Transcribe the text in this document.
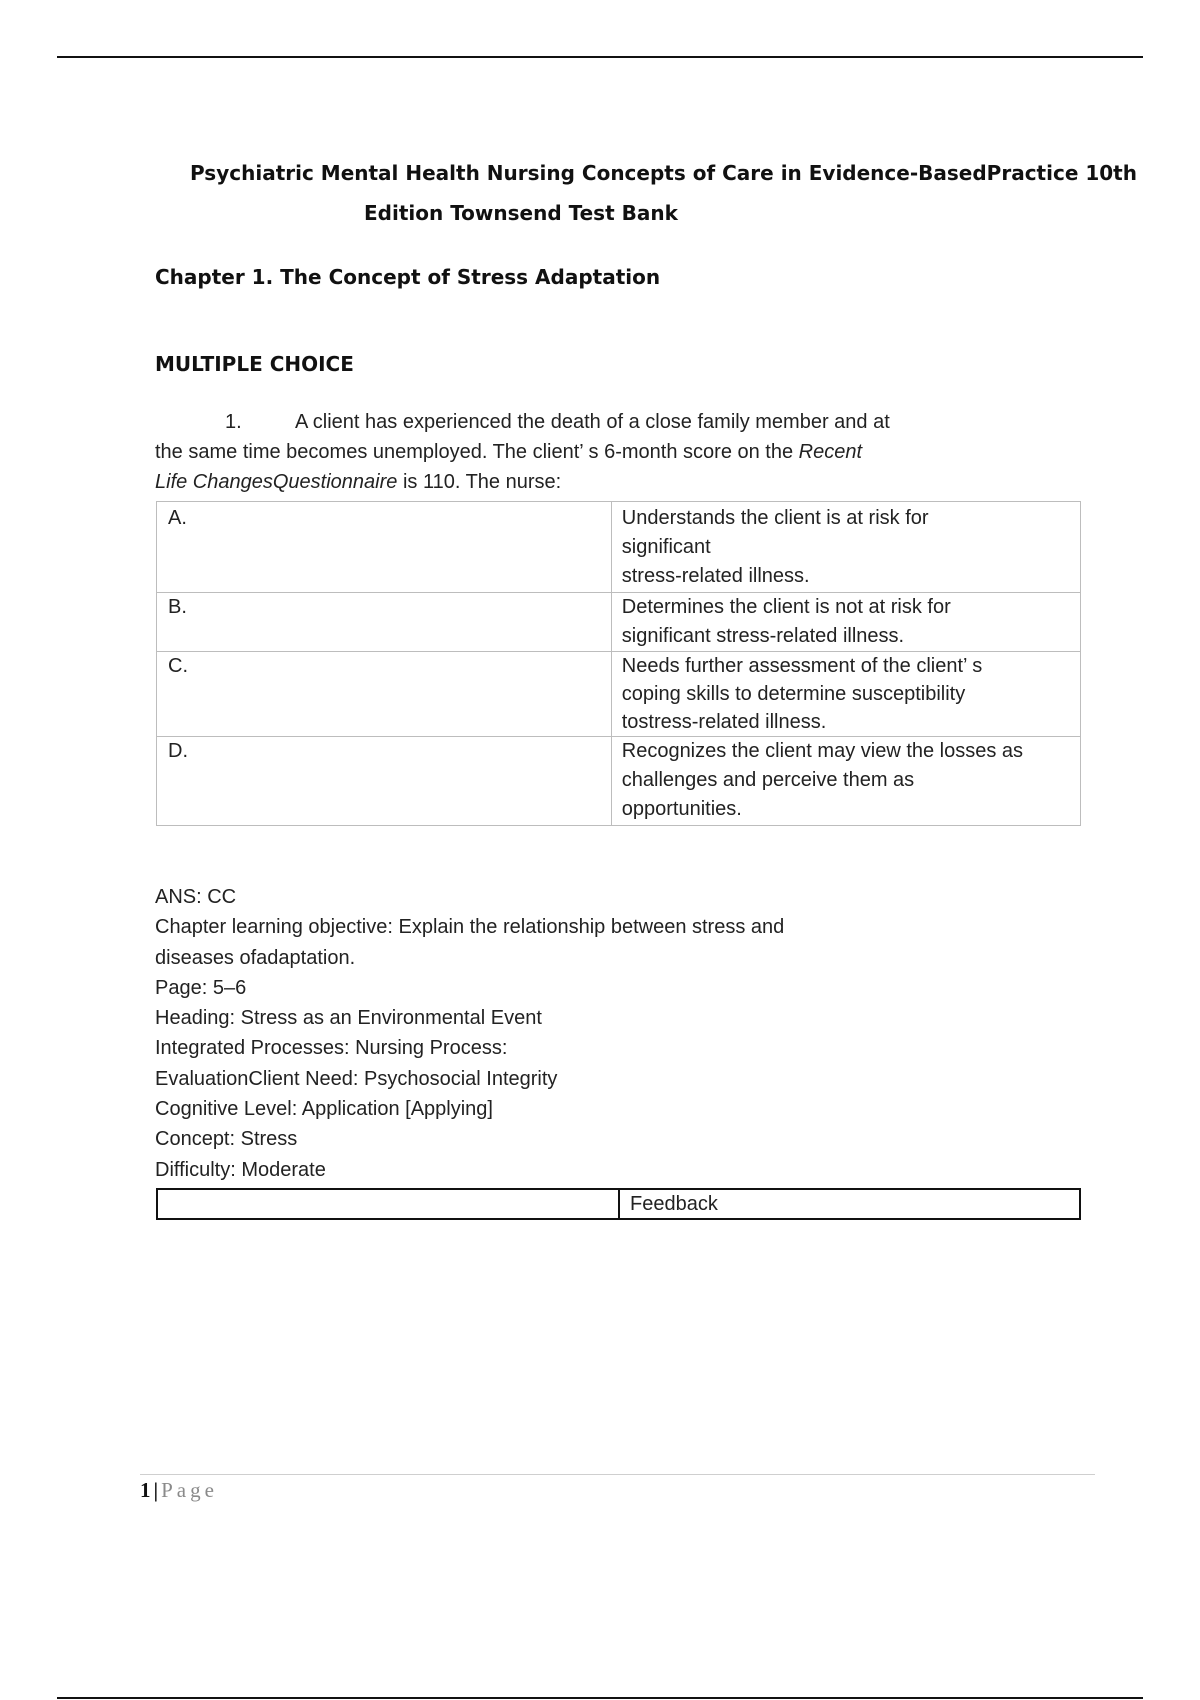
Psychiatric Mental Health Nursing Concepts of Care in Evidence-BasedPractice 10th
Edition Townsend Test Bank
Chapter 1. The Concept of Stress Adaptation
MULTIPLE CHOICE
1.	A client has experienced the death of a close family member and at
the same time becomes unemployed. The client’ s 6-month score on the Recent
Life ChangesQuestionnaire is 110. The nurse:
A.	Understands the client is at risk for
significant
stress-related illness.

B.	Determines the client is not at risk for
significant stress-related illness.

C.	Needs further assessment of the client’ s
coping skills to determine susceptibility
tostress-related illness.

D.	Recognizes the client may view the losses as
challenges and perceive them as
opportunities.
ANS: CC
Chapter learning objective: Explain the relationship between stress and
diseases ofadaptation.
Page: 5–6
Heading: Stress as an Environmental Event
Integrated Processes: Nursing Process:
EvaluationClient Need: Psychosocial Integrity
Cognitive Level: Application [Applying]
Concept: Stress
Difficulty: Moderate
	Feedback
1 | Page
